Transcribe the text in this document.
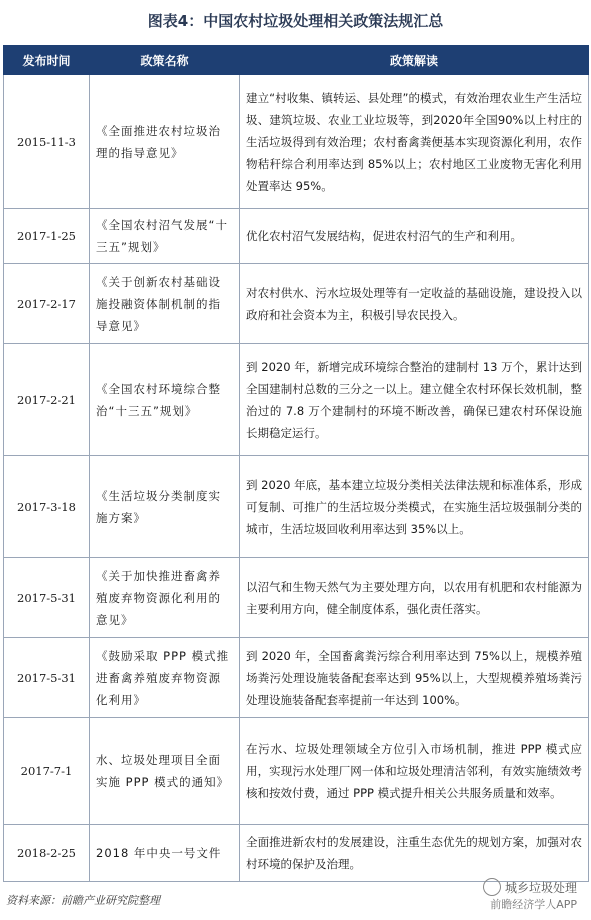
图表4：中国农村垃圾处理相关政策法规汇总
发布时间	政策名称	政策解读
2015-11-3	《全面推进农村垃圾治理的指导意见》	建立“村收集、镇转运、县处理”的模式，有效治理农业生产生活垃圾、建筑垃圾、农业工业垃圾等，到2020年全国90%以上村庄的生活垃圾得到有效治理；农村畜禽粪便基本实现资源化利用，农作物秸秆综合利用率达到 85%以上；农村地区工业废物无害化利用处置率达 95%。
2017-1-25	《全国农村沼气发展“十三五”规划》	优化农村沼气发展结构，促进农村沼气的生产和利用。
2017-2-17	《关于创新农村基础设施投融资体制机制的指导意见》	对农村供水、污水垃圾处理等有一定收益的基础设施，建设投入以政府和社会资本为主，积极引导农民投入。
2017-2-21	《全国农村环境综合整治“十三五”规划》	到 2020 年，新增完成环境综合整治的建制村 13 万个，累计达到全国建制村总数的三分之一以上。建立健全农村环保长效机制，整治过的 7.8 万个建制村的环境不断改善，确保已建农村环保设施长期稳定运行。
2017-3-18	《生活垃圾分类制度实施方案》	到 2020 年底，基本建立垃圾分类相关法律法规和标准体系，形成可复制、可推广的生活垃圾分类模式，在实施生活垃圾强制分类的城市，生活垃圾回收利用率达到 35%以上。
2017-5-31	《关于加快推进畜禽养殖废弃物资源化利用的意见》	以沼气和生物天然气为主要处理方向，以农用有机肥和农村能源为主要利用方向，健全制度体系，强化责任落实。
2017-5-31	《鼓励采取 PPP 模式推进畜禽养殖废弃物资源化利用》	到 2020 年，全国畜禽粪污综合利用率达到 75%以上，规模养殖场粪污处理设施装备配套率达到 95%以上，大型规模养殖场粪污处理设施装备配套率提前一年达到 100%。
2017-7-1	水、垃圾处理项目全面实施 PPP 模式的通知》	在污水、垃圾处理领域全方位引入市场机制，推进 PPP 模式应用，实现污水处理厂网一体和垃圾处理清洁邻利，有效实施绩效考核和按效付费，通过 PPP 模式提升相关公共服务质量和效率。
2018-2-25	2018 年中央一号文件	全面推进新农村的发展建设，注重生态优先的规划方案，加强对农村环境的保护及治理。
资料来源：前瞻产业研究院整理
城乡垃圾处理
前瞻经济学人APP
